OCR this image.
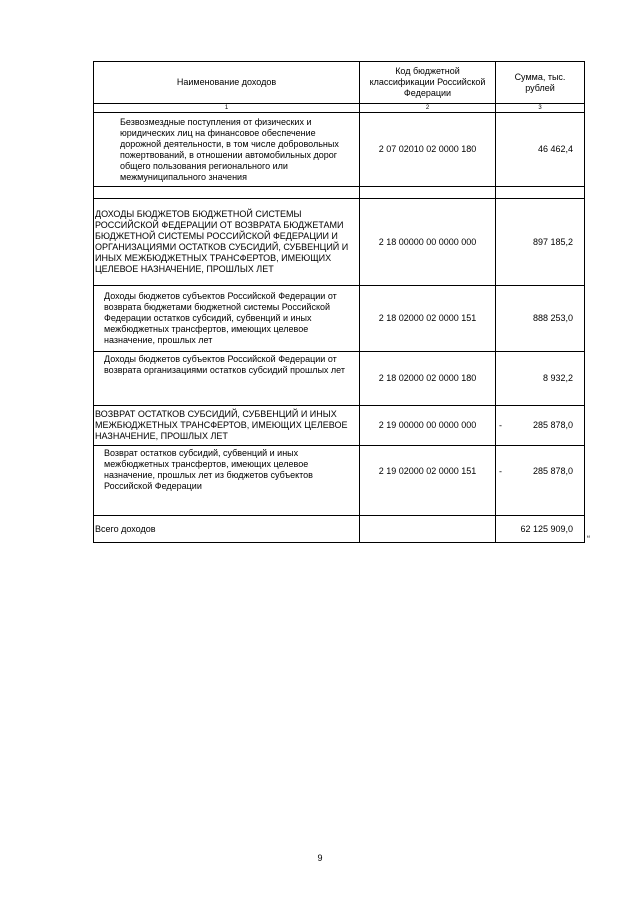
Наименование доходов	Код бюджетной классификации Российской Федерации	Сумма, тыс. рублей
1	2	3
Безвозмездные поступления от физических и юридических лиц на финансовое обеспечение дорожной деятельности, в том числе добровольных пожертвований, в отношении автомобильных дорог общего пользования регионального или межмуниципального значения	2 07 02010 02 0000 180	46 462,4

ДОХОДЫ БЮДЖЕТОВ БЮДЖЕТНОЙ СИСТЕМЫ РОССИЙСКОЙ ФЕДЕРАЦИИ ОТ ВОЗВРАТА БЮДЖЕТАМИ БЮДЖЕТНОЙ СИСТЕМЫ РОССИЙСКОЙ ФЕДЕРАЦИИ И ОРГАНИЗАЦИЯМИ ОСТАТКОВ СУБСИДИЙ, СУБВЕНЦИЙ И ИНЫХ МЕЖБЮДЖЕТНЫХ ТРАНСФЕРТОВ, ИМЕЮЩИХ ЦЕЛЕВОЕ НАЗНАЧЕНИЕ, ПРОШЛЫХ ЛЕТ	2 18 00000 00 0000 000	897 185,2
Доходы бюджетов субъектов Российской Федерации от возврата бюджетами бюджетной системы Российской Федерации остатков субсидий, субвенций и иных межбюджетных трансфертов, имеющих целевое назначение, прошлых лет	2 18 02000 02 0000 151	888 253,0
Доходы бюджетов субъектов Российской Федерации от возврата организациями остатков субсидий прошлых лет	2 18 02000 02 0000 180	8 932,2
ВОЗВРАТ ОСТАТКОВ СУБСИДИЙ, СУБВЕНЦИЙ И ИНЫХ МЕЖБЮДЖЕТНЫХ ТРАНСФЕРТОВ, ИМЕЮЩИХ ЦЕЛЕВОЕ НАЗНАЧЕНИЕ, ПРОШЛЫХ ЛЕТ	2 19 00000 00 0000 000	- 285 878,0
Возврат остатков субсидий, субвенций и иных межбюджетных трансфертов, имеющих целевое назначение, прошлых лет из бюджетов субъектов Российской Федерации	2 19 02000 02 0000 151	- 285 878,0
Всего доходов		62 125 909,0
“
9
